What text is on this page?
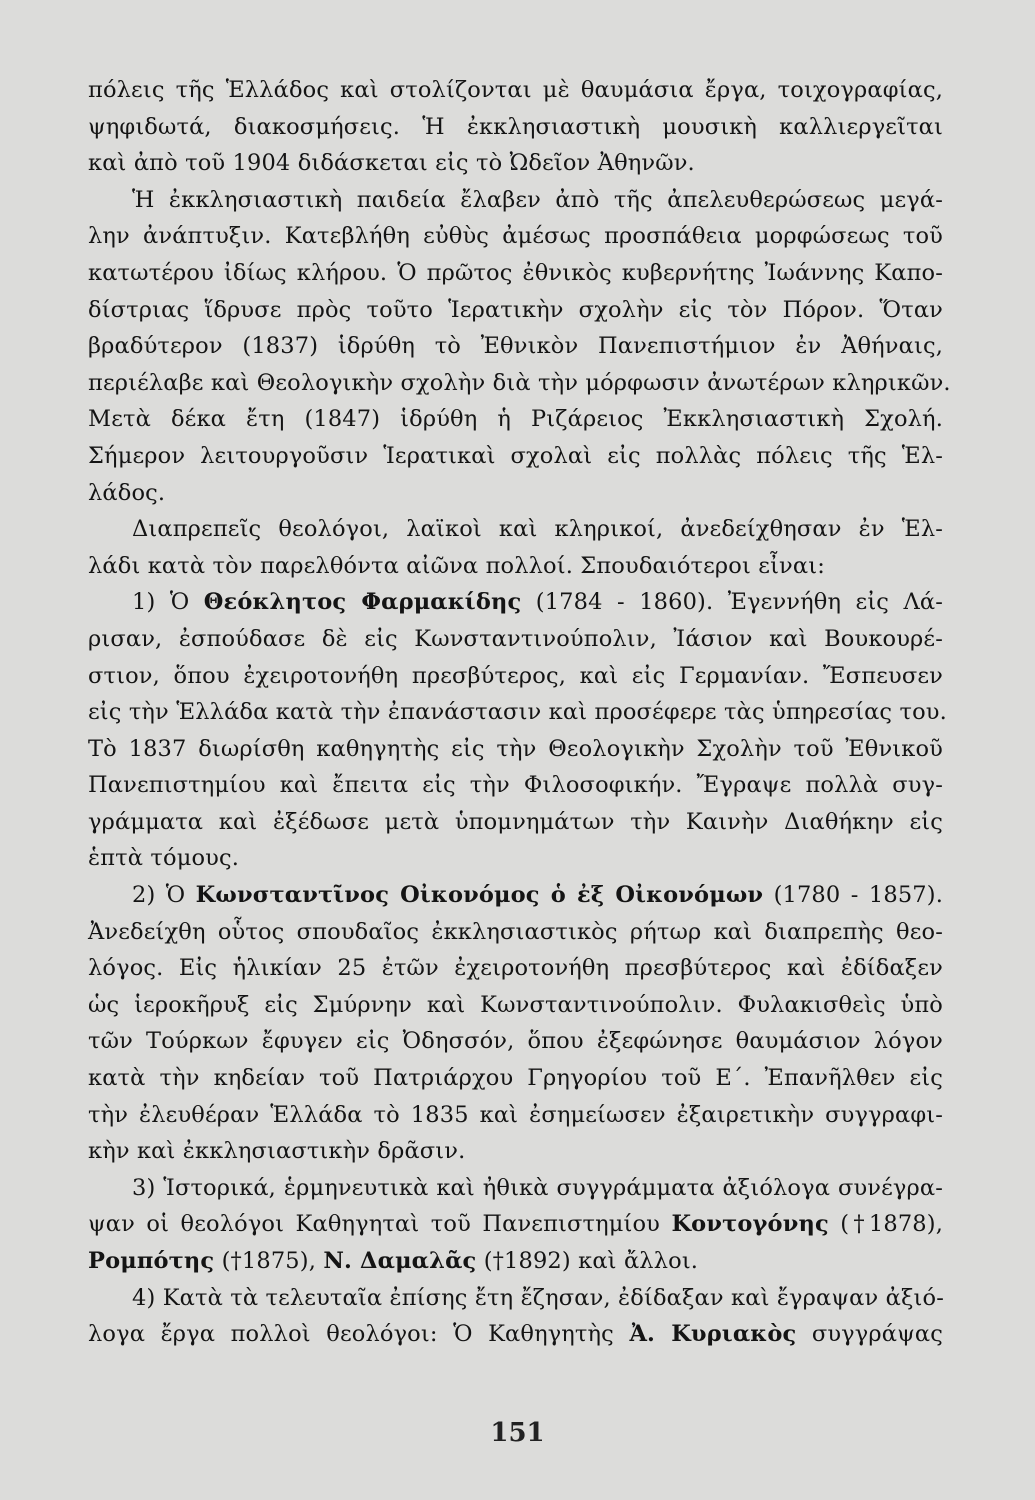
πόλεις τῆς Ἑλλάδος καὶ στολίζονται μὲ θαυμάσια ἔργα, τοιχογραφίας,
ψηφιδωτά, διακοσμήσεις. Ἡ ἐκκλησιαστικὴ μουσικὴ καλλιεργεῖται
καὶ ἀπὸ τοῦ 1904 διδάσκεται εἰς τὸ Ὠδεῖον Ἀθηνῶν.
Ἡ ἐκκλησιαστικὴ παιδεία ἔλαβεν ἀπὸ τῆς ἀπελευθερώσεως μεγά-
λην ἀνάπτυξιν. Κατεβλήθη εὐθὺς ἀμέσως προσπάθεια μορφώσεως τοῦ
κατωτέρου ἰδίως κλήρου. Ὁ πρῶτος ἐθνικὸς κυβερνήτης Ἰωάννης Καπο-
δίστριας ἵδρυσε πρὸς τοῦτο Ἱερατικὴν σχολὴν εἰς τὸν Πόρον. Ὅταν
βραδύτερον (1837) ἱδρύθη τὸ Ἐθνικὸν Πανεπιστήμιον ἐν Ἀθήναις,
περιέλαβε καὶ Θεολογικὴν σχολὴν διὰ τὴν μόρφωσιν ἀνωτέρων κληρικῶν.
Μετὰ δέκα ἔτη (1847) ἱδρύθη ἡ Ριζάρειος Ἐκκλησιαστικὴ Σχολή.
Σήμερον λειτουργοῦσιν Ἱερατικαὶ σχολαὶ εἰς πολλὰς πόλεις τῆς Ἑλ-
λάδος.
Διαπρεπεῖς θεολόγοι, λαϊκοὶ καὶ κληρικοί, ἀνεδείχθησαν ἐν Ἑλ-
λάδι κατὰ τὸν παρελθόντα αἰῶνα πολλοί. Σπουδαιότεροι εἶναι:
1) Ὁ Θεόκλητος Φαρμακίδης (1784 - 1860). Ἐγεννήθη εἰς Λά-
ρισαν, ἐσπούδασε δὲ εἰς Κωνσταντινούπολιν, Ἰάσιον καὶ Βουκουρέ-
στιον, ὅπου ἐχειροτονήθη πρεσβύτερος, καὶ εἰς Γερμανίαν. Ἔσπευσεν
εἰς τὴν Ἑλλάδα κατὰ τὴν ἐπανάστασιν καὶ προσέφερε τὰς ὑπηρεσίας του.
Τὸ 1837 διωρίσθη καθηγητὴς εἰς τὴν Θεολογικὴν Σχολὴν τοῦ Ἐθνικοῦ
Πανεπιστημίου καὶ ἔπειτα εἰς τὴν Φιλοσοφικήν. Ἔγραψε πολλὰ συγ-
γράμματα καὶ ἐξέδωσε μετὰ ὑπομνημάτων τὴν Καινὴν Διαθήκην εἰς
ἑπτὰ τόμους.
2) Ὁ Κωνσταντῖνος Οἰκονόμος ὁ ἐξ Οἰκονόμων (1780 - 1857).
Ἀνεδείχθη οὗτος σπουδαῖος ἐκκλησιαστικὸς ρήτωρ καὶ διαπρεπὴς θεο-
λόγος. Εἰς ἡλικίαν 25 ἐτῶν ἐχειροτονήθη πρεσβύτερος καὶ ἐδίδαξεν
ὡς ἱεροκῆρυξ εἰς Σμύρνην καὶ Κωνσταντινούπολιν. Φυλακισθεὶς ὑπὸ
τῶν Τούρκων ἔφυγεν εἰς Ὀδησσόν, ὅπου ἐξεφώνησε θαυμάσιον λόγον
κατὰ τὴν κηδείαν τοῦ Πατριάρχου Γρηγορίου τοῦ Ε΄. Ἐπανῆλθεν εἰς
τὴν ἐλευθέραν Ἑλλάδα τὸ 1835 καὶ ἐσημείωσεν ἐξαιρετικὴν συγγραφι-
κὴν καὶ ἐκκλησιαστικὴν δρᾶσιν.
3) Ἱστορικά, ἑρμηνευτικὰ καὶ ἠθικὰ συγγράμματα ἀξιόλογα συνέγρα-
ψαν οἱ θεολόγοι Καθηγηταὶ τοῦ Πανεπιστημίου Κοντογόνης (†1878),
Ρομπότης (†1875), Ν. Δαμαλᾶς (†1892) καὶ ἄλλοι.
4) Κατὰ τὰ τελευταῖα ἐπίσης ἔτη ἔζησαν, ἐδίδαξαν καὶ ἔγραψαν ἀξιό-
λογα ἔργα πολλοὶ θεολόγοι: Ὁ Καθηγητὴς Ἀ. Κυριακὸς συγγράψας
151
